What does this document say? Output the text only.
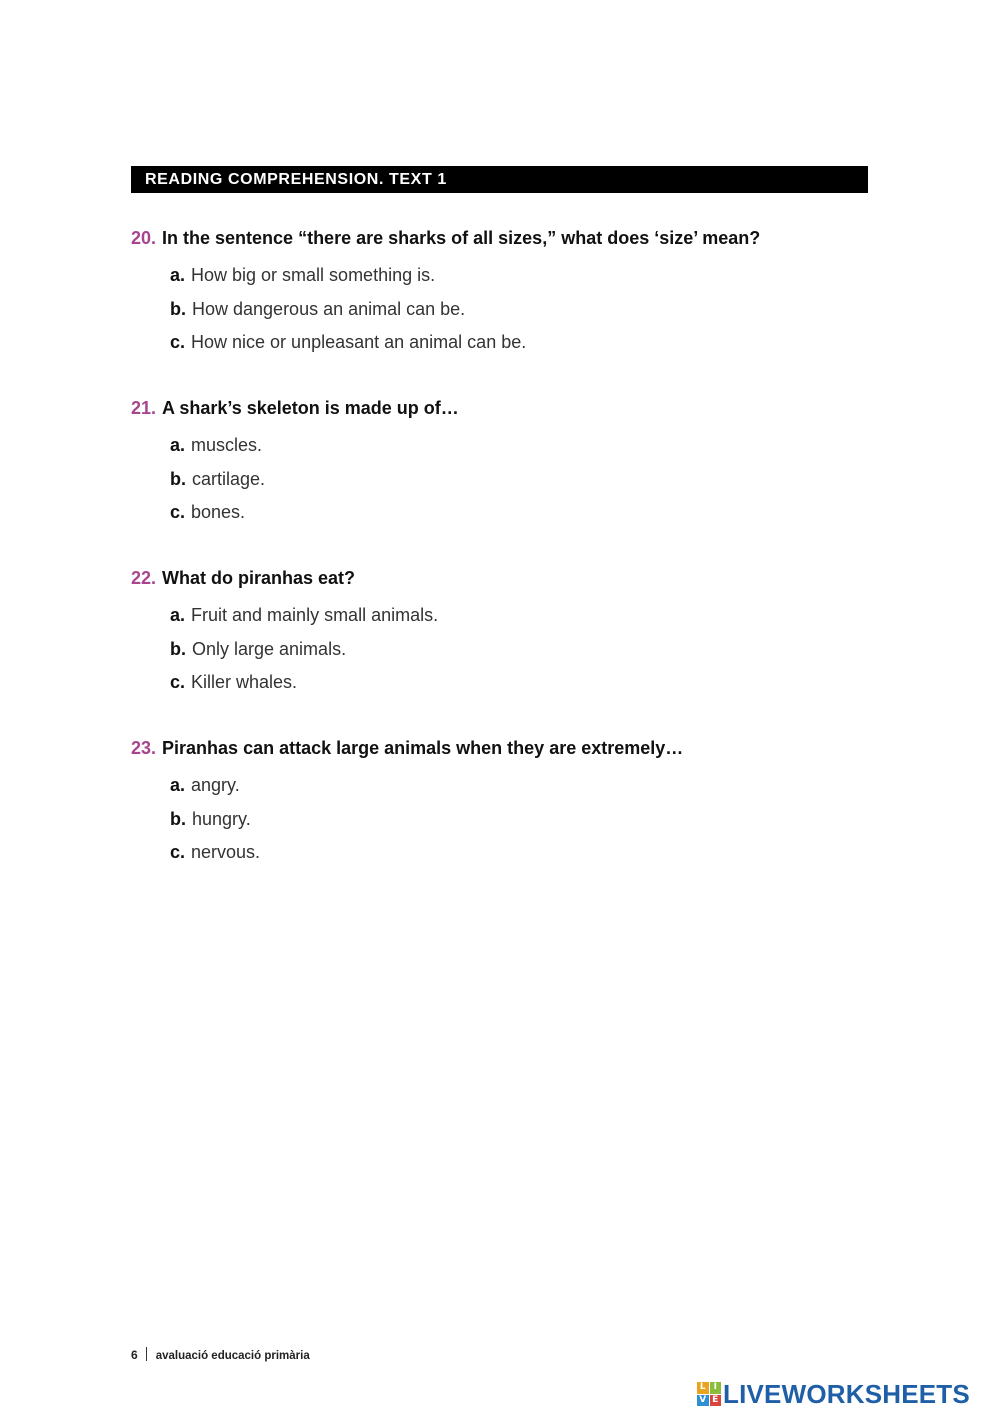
READING COMPREHENSION. TEXT 1
20. In the sentence “there are sharks of all sizes,” what does ‘size’ mean?
a. How big or small something is.
b. How dangerous an animal can be.
c. How nice or unpleasant an animal can be.
21. A shark’s skeleton is made up of…
a. muscles.
b. cartilage.
c. bones.
22. What do piranhas eat?
a. Fruit and mainly small animals.
b. Only large animals.
c. Killer whales.
23. Piranhas can attack large animals when they are extremely…
a. angry.
b. hungry.
c. nervous.
6 avaluació educació primària
L I
V E LIVEWORKSHEETS
